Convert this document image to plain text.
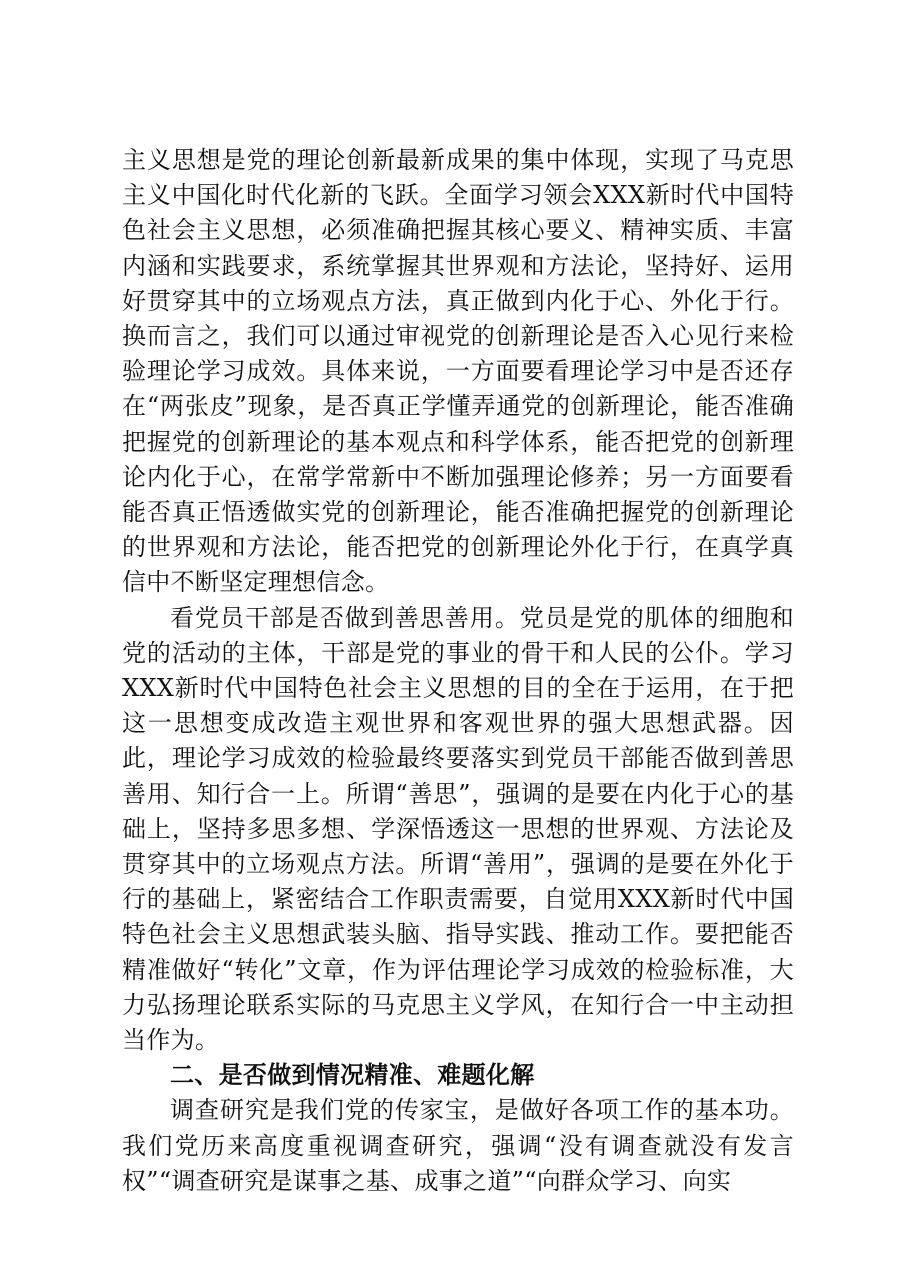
主义思想是党的理论创新最新成果的集中体现，实现了马克思主义中国化时代化新的飞跃。全面学习领会XXX新时代中国特色社会主义思想，必须准确把握其核心要义、精神实质、丰富内涵和实践要求，系统掌握其世界观和方法论，坚持好、运用好贯穿其中的立场观点方法，真正做到内化于心、外化于行。换而言之，我们可以通过审视党的创新理论是否入心见行来检验理论学习成效。具体来说，一方面要看理论学习中是否还存在“两张皮”现象，是否真正学懂弄通党的创新理论，能否准确把握党的创新理论的基本观点和科学体系，能否把党的创新理论内化于心，在常学常新中不断加强理论修养；另一方面要看能否真正悟透做实党的创新理论，能否准确把握党的创新理论的世界观和方法论，能否把党的创新理论外化于行，在真学真信中不断坚定理想信念。

看党员干部是否做到善思善用。党员是党的肌体的细胞和党的活动的主体，干部是党的事业的骨干和人民的公仆。学习XXX新时代中国特色社会主义思想的目的全在于运用，在于把这一思想变成改造主观世界和客观世界的强大思想武器。因此，理论学习成效的检验最终要落实到党员干部能否做到善思善用、知行合一上。所谓“善思”，强调的是要在内化于心的基础上，坚持多思多想、学深悟透这一思想的世界观、方法论及贯穿其中的立场观点方法。所谓“善用”，强调的是要在外化于行的基础上，紧密结合工作职责需要，自觉用XXX新时代中国特色社会主义思想武装头脑、指导实践、推动工作。要把能否精准做好“转化”文章，作为评估理论学习成效的检验标准，大力弘扬理论联系实际的马克思主义学风，在知行合一中主动担当作为。

二、是否做到情况精准、难题化解

调查研究是我们党的传家宝，是做好各项工作的基本功。我们党历来高度重视调查研究，强调“没有调查就没有发言权”“调查研究是谋事之基、成事之道”“向群众学习、向实
